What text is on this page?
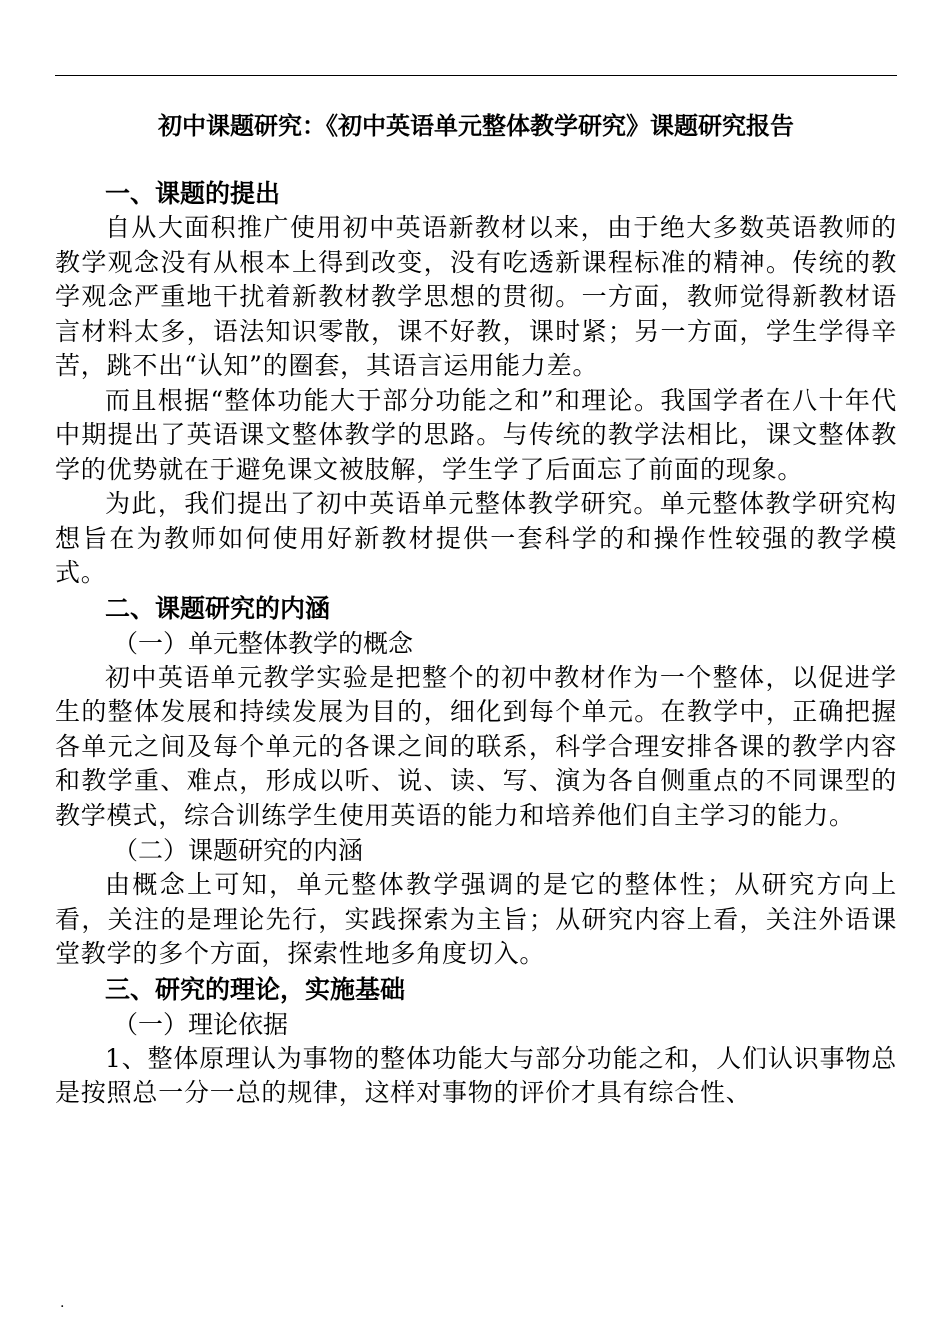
初中课题研究：《初中英语单元整体教学研究》课题研究报告
一、课题的提出

自从大面积推广使用初中英语新教材以来，由于绝大多数英语教师的教学观念没有从根本上得到改变，没有吃透新课程标准的精神。传统的教学观念严重地干扰着新教材教学思想的贯彻。一方面，教师觉得新教材语言材料太多，语法知识零散，课不好教，课时紧；另一方面，学生学得辛苦，跳不出“认知”的圈套，其语言运用能力差。

而且根据“整体功能大于部分功能之和”和理论。我国学者在八十年代中期提出了英语课文整体教学的思路。与传统的教学法相比，课文整体教学的优势就在于避免课文被肢解，学生学了后面忘了前面的现象。

为此，我们提出了初中英语单元整体教学研究。单元整体教学研究构想旨在为教师如何使用好新教材提供一套科学的和操作性较强的教学模式。

二、课题研究的内涵
（一）单元整体教学的概念

初中英语单元教学实验是把整个的初中教材作为一个整体，以促进学生的整体发展和持续发展为目的，细化到每个单元。在教学中，正确把握各单元之间及每个单元的各课之间的联系，科学合理安排各课的教学内容和教学重、难点，形成以听、说、读、写、演为各自侧重点的不同课型的教学模式，综合训练学生使用英语的能力和培养他们自主学习的能力。

（二）课题研究的内涵

由概念上可知，单元整体教学强调的是它的整体性；从研究方向上看，关注的是理论先行，实践探索为主旨；从研究内容上看，关注外语课堂教学的多个方面，探索性地多角度切入。

三、研究的理论，实施基础
（一）理论依据

1、整体原理认为事物的整体功能大与部分功能之和，人们认识事物总是按照总一分一总的规律，这样对事物的评价才具有综合性、

.
